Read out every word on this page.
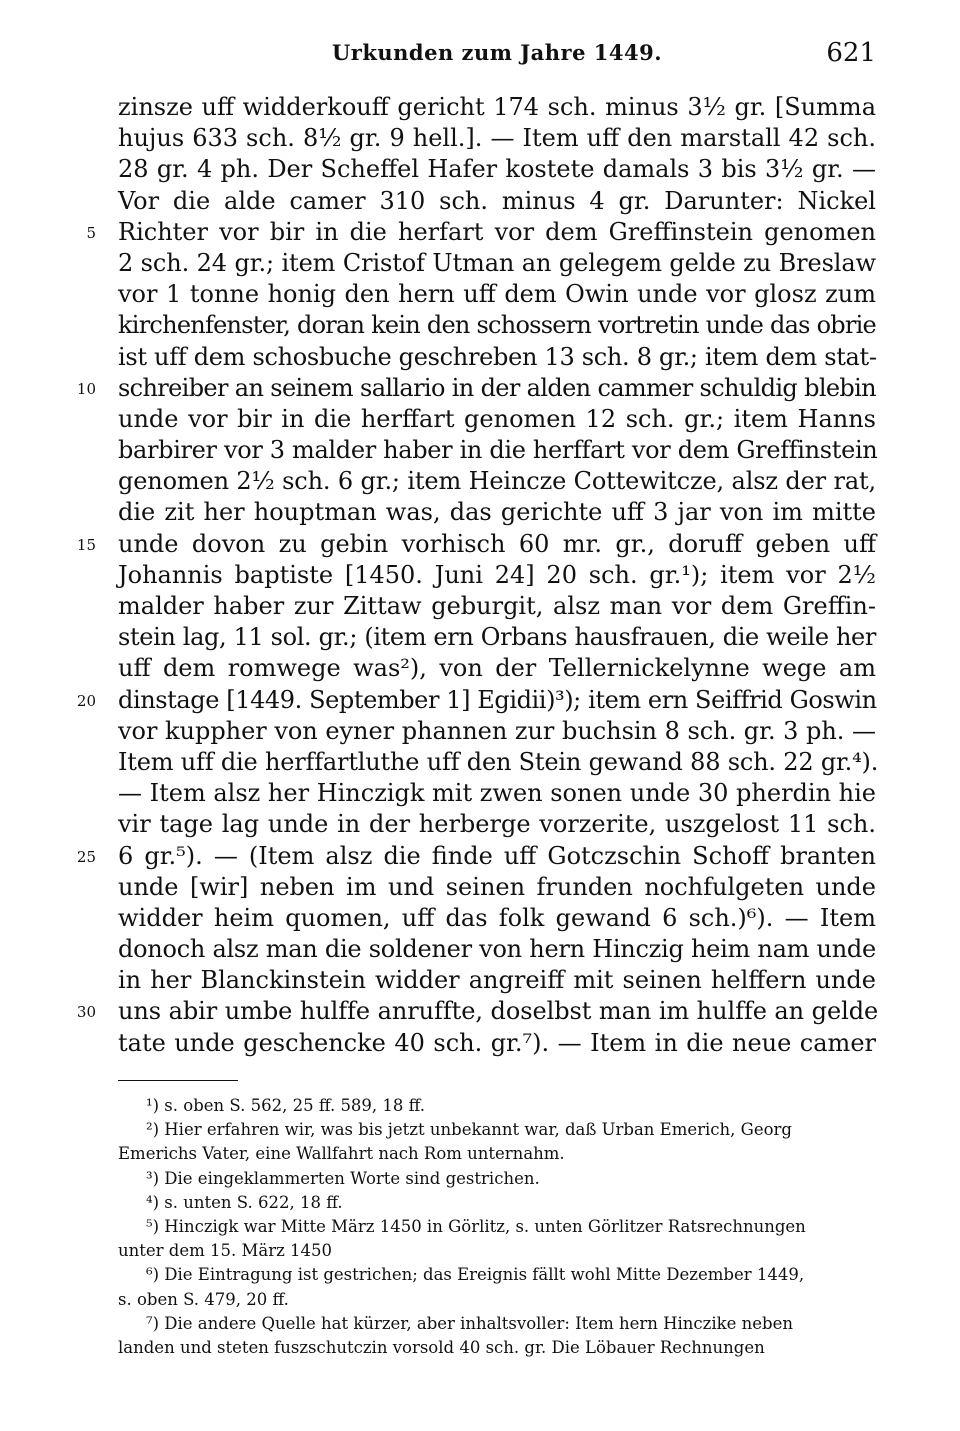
Urkunden zum Jahre 1449.	621
zinsze uff widderkouff gericht 174 sch. minus 3½ gr. [Summa
hujus 633 sch. 8½ gr. 9 hell.]. — Item uff den marstall 42 sch.
28 gr. 4 ph. Der Scheffel Hafer kostete damals 3 bis 3½ gr. —
Vor die alde camer 310 sch. minus 4 gr. Darunter: Nickel
5 Richter vor bir in die herfart vor dem Greffinstein genomen
2 sch. 24 gr.; item Cristof Utman an gelegem gelde zu Breslaw
vor 1 tonne honig den hern uff dem Owin unde vor glosz zum
kirchenfenster, doran kein den schossern vortretin unde das obrie
ist uff dem schosbuche geschreben 13 sch. 8 gr.; item dem stat-
10 schreiber an seinem sallario in der alden cammer schuldig blebin
unde vor bir in die herffart genomen 12 sch. gr.; item Hanns
barbirer vor 3 malder haber in die herffart vor dem Greffinstein
genomen 2½ sch. 6 gr.; item Heincze Cottewitcze, alsz der rat,
die zit her houptman was, das gerichte uff 3 jar von im mitte
15 unde dovon zu gebin vorhisch 60 mr. gr., doruff geben uff
Johannis baptiste [1450. Juni 24] 20 sch. gr.¹); item vor 2½
malder haber zur Zittaw geburgit, alsz man vor dem Greffin-
stein lag, 11 sol. gr.; (item ern Orbans hausfrauen, die weile her
uff dem romwege was²), von der Tellernickelynne wege am
20 dinstage [1449. September 1] Egidii)³); item ern Seiffrid Goswin
vor kuppher von eyner phannen zur buchsin 8 sch. gr. 3 ph. —
Item uff die herffartluthe uff den Stein gewand 88 sch. 22 gr.⁴).
— Item alsz her Hinczigk mit zwen sonen unde 30 pherdin hie
vir tage lag unde in der herberge vorzerite, uszgelost 11 sch.
25 6 gr.⁵). — (Item alsz die finde uff Gotczschin Schoff branten
unde [wir] neben im und seinen frunden nochfulgeten unde
widder heim quomen, uff das folk gewand 6 sch.)⁶). — Item
donoch alsz man die soldener von hern Hinczig heim nam unde
in her Blanckinstein widder angreiff mit seinen helffern unde
30 uns abir umbe hulffe anruffte, doselbst man im hulffe an gelde
tate unde geschencke 40 sch. gr.⁷). — Item in die neue camer
¹) s. oben S. 562, 25 ff. 589, 18 ff.
²) Hier erfahren wir, was bis jetzt unbekannt war, daß Urban Emerich, Georg
Emerichs Vater, eine Wallfahrt nach Rom unternahm.
³) Die eingeklammerten Worte sind gestrichen.
⁴) s. unten S. 622, 18 ff.
⁵) Hinczigk war Mitte März 1450 in Görlitz, s. unten Görlitzer Ratsrechnungen
unter dem 15. März 1450
⁶) Die Eintragung ist gestrichen; das Ereignis fällt wohl Mitte Dezember 1449,
s. oben S. 479, 20 ff.
⁷) Die andere Quelle hat kürzer, aber inhaltsvoller: Item hern Hinczike neben
landen und steten fuszschutczin vorsold 40 sch. gr. Die Löbauer Rechnungen
